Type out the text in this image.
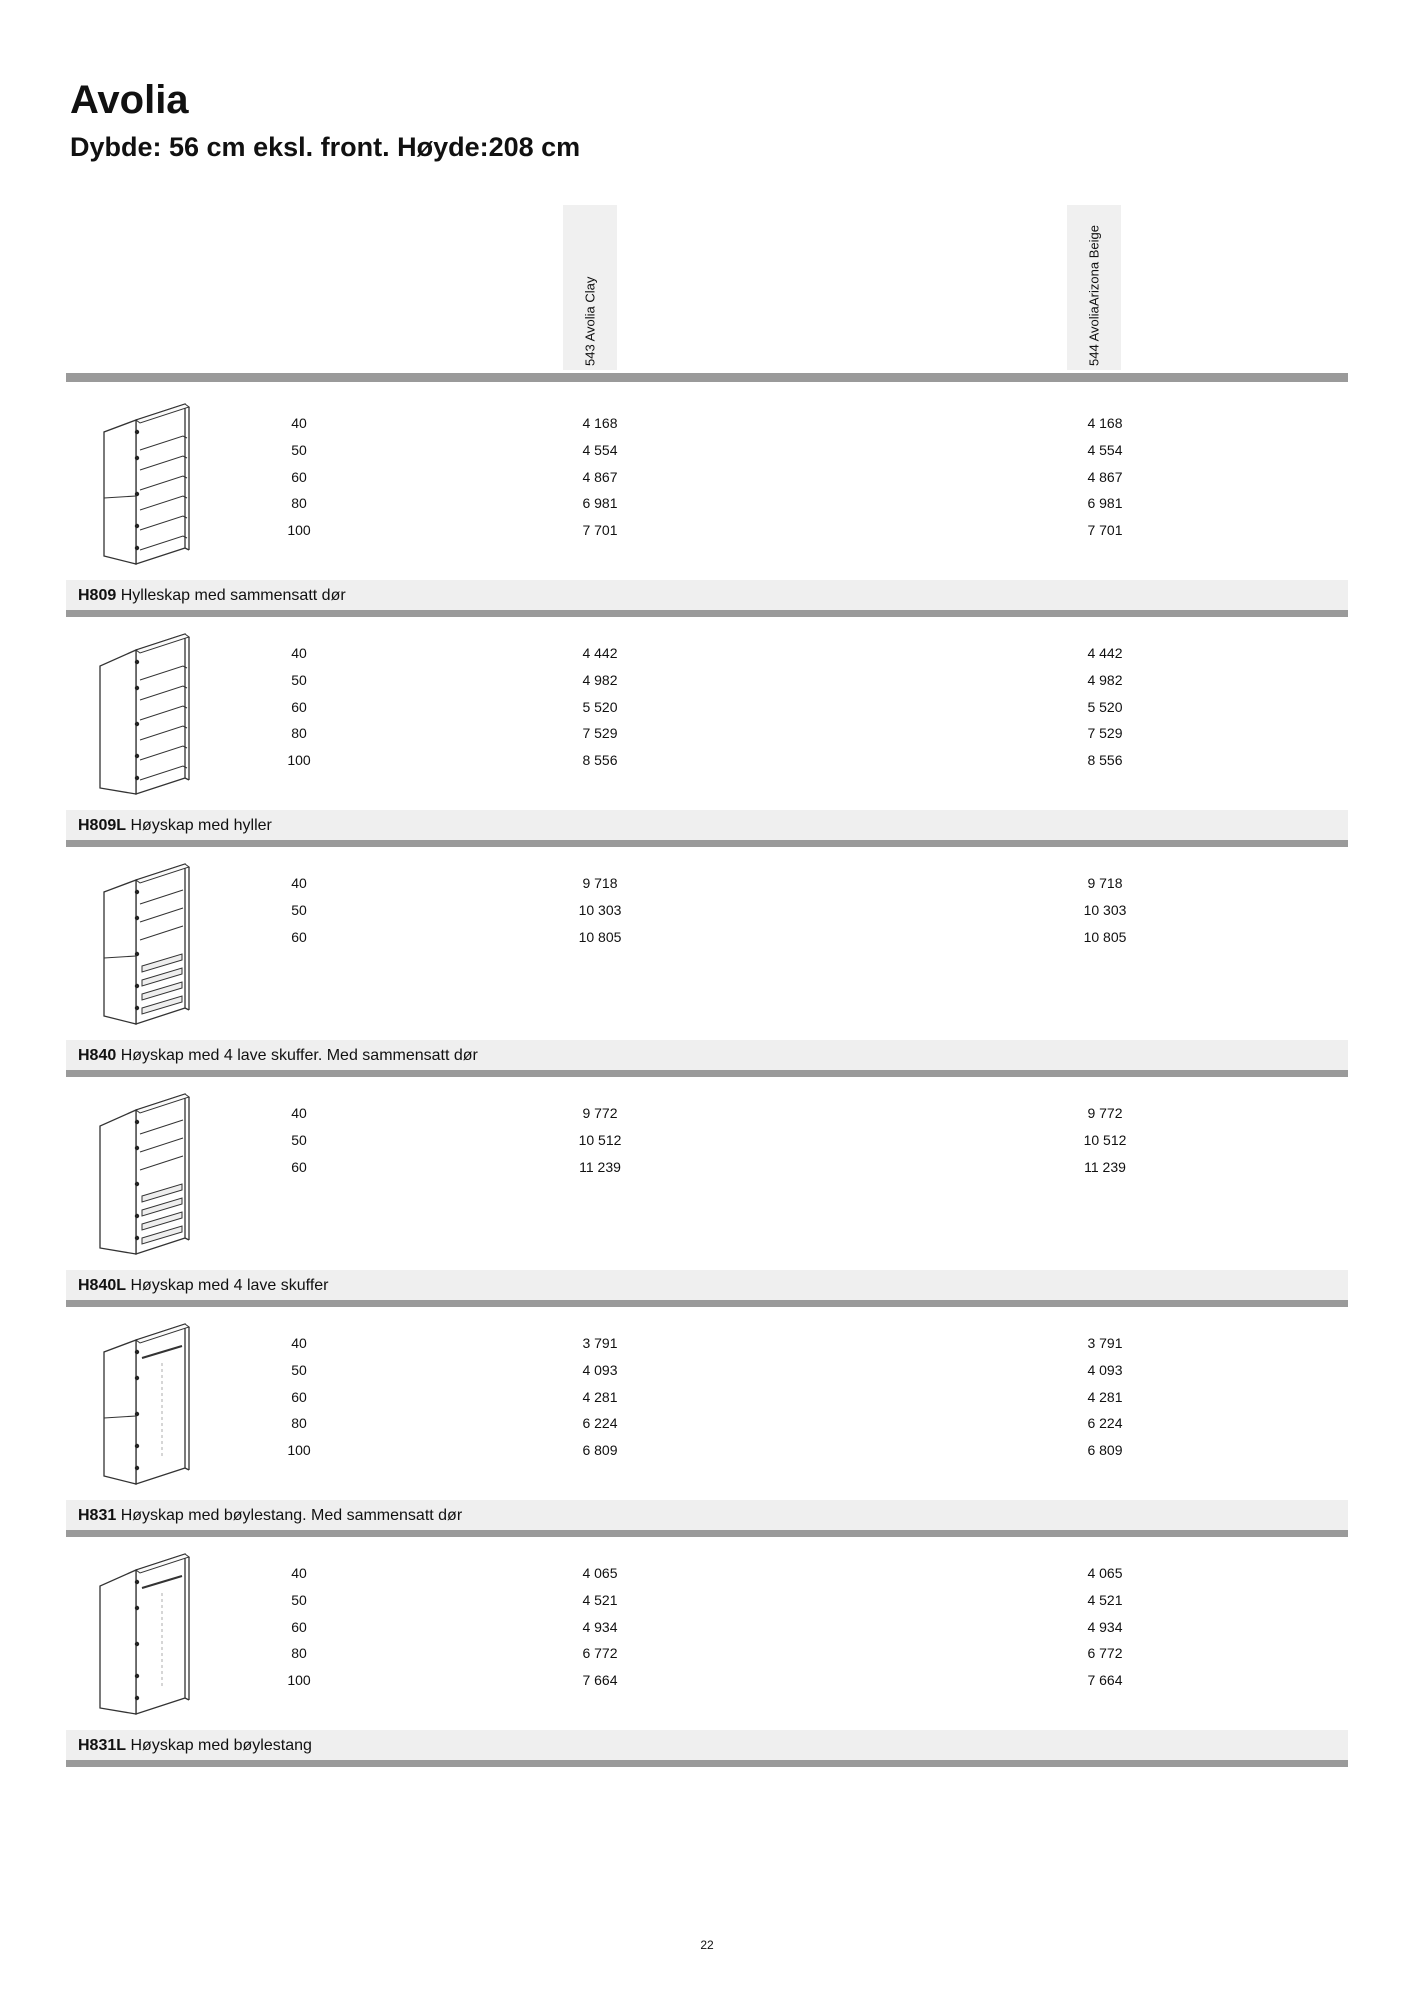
Avolia
Dybde: 56 cm eksl. front. Høyde:208 cm
543 Avolia Clay	544 Avolia
Arizona Beige
40	4 168	4 168
50	4 554	4 554
60	4 867	4 867
80	6 981	6 981
100	7 701	7 701
H809 Hylleskap med sammensatt dør
40	4 442	4 442
50	4 982	4 982
60	5 520	5 520
80	7 529	7 529
100	8 556	8 556
H809L Høyskap med hyller
40	9 718	9 718
50	10 303	10 303
60	10 805	10 805
H840 Høyskap med 4 lave skuffer. Med sammensatt dør
40	9 772	9 772
50	10 512	10 512
60	11 239	11 239
H840L Høyskap med 4 lave skuffer
40	3 791	3 791
50	4 093	4 093
60	4 281	4 281
80	6 224	6 224
100	6 809	6 809
H831 Høyskap med bøylestang. Med sammensatt dør
40	4 065	4 065
50	4 521	4 521
60	4 934	4 934
80	6 772	6 772
100	7 664	7 664
H831L Høyskap med bøylestang
22
